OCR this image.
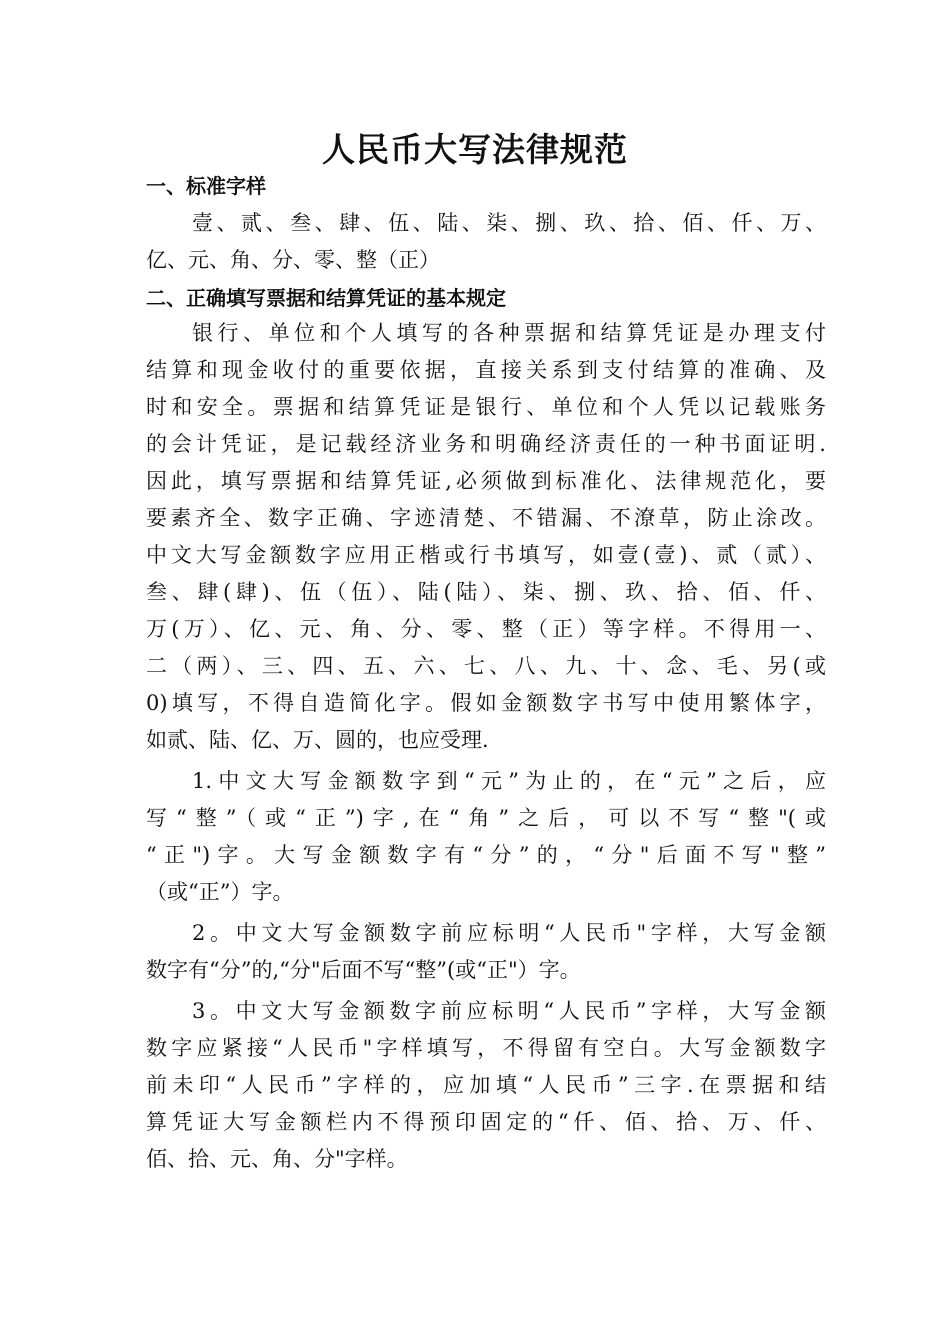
人民币大写法律规范
一、标准字样
壹、贰、叁、肆、伍、陆、柒、捌、玖、拾、佰、仟、万、
亿、元、角、分、零、整（正）
二、正确填写票据和结算凭证的基本规定
银行、单位和个人填写的各种票据和结算凭证是办理支付
结算和现金收付的重要依据，直接关系到支付结算的准确、及
时和安全。票据和结算凭证是银行、单位和个人凭以记载账务
的会计凭证，是记载经济业务和明确经济责任的一种书面证明.
因此，填写票据和结算凭证,必须做到标准化、法律规范化，要
要素齐全、数字正确、字迹清楚、不错漏、不潦草，防止涂改。
中文大写金额数字应用正楷或行书填写，如壹(壹)、贰（贰）、
叁、肆(肆)、伍（伍）、陆(陆）、柒、捌、玖、拾、佰、仟、
万(万）、亿、元、角、分、零、整（正）等字样。不得用一、
二（两）、三、四、五、六、七、八、九、十、念、毛、另(或
0)填写，不得自造简化字。假如金额数字书写中使用繁体字，
如贰、陆、亿、万、圆的，也应受理.
1.中文大写金额数字到“元”为止的，在“元”之后，应
写“整”（或“正”)字,在“角”之后，可以不写“整"(或
“正")字。大写金额数字有“分”的，“分"后面不写"整”
（或“正”）字。
2。中文大写金额数字前应标明“人民币"字样，大写金额
数字有“分”的,“分"后面不写“整”(或“正"）字。
3。中文大写金额数字前应标明“人民币”字样，大写金额
数字应紧接“人民币"字样填写，不得留有空白。大写金额数字
前未印“人民币”字样的，应加填“人民币”三字.在票据和结
算凭证大写金额栏内不得预印固定的“仟、佰、拾、万、仟、
佰、拾、元、角、分"字样。
